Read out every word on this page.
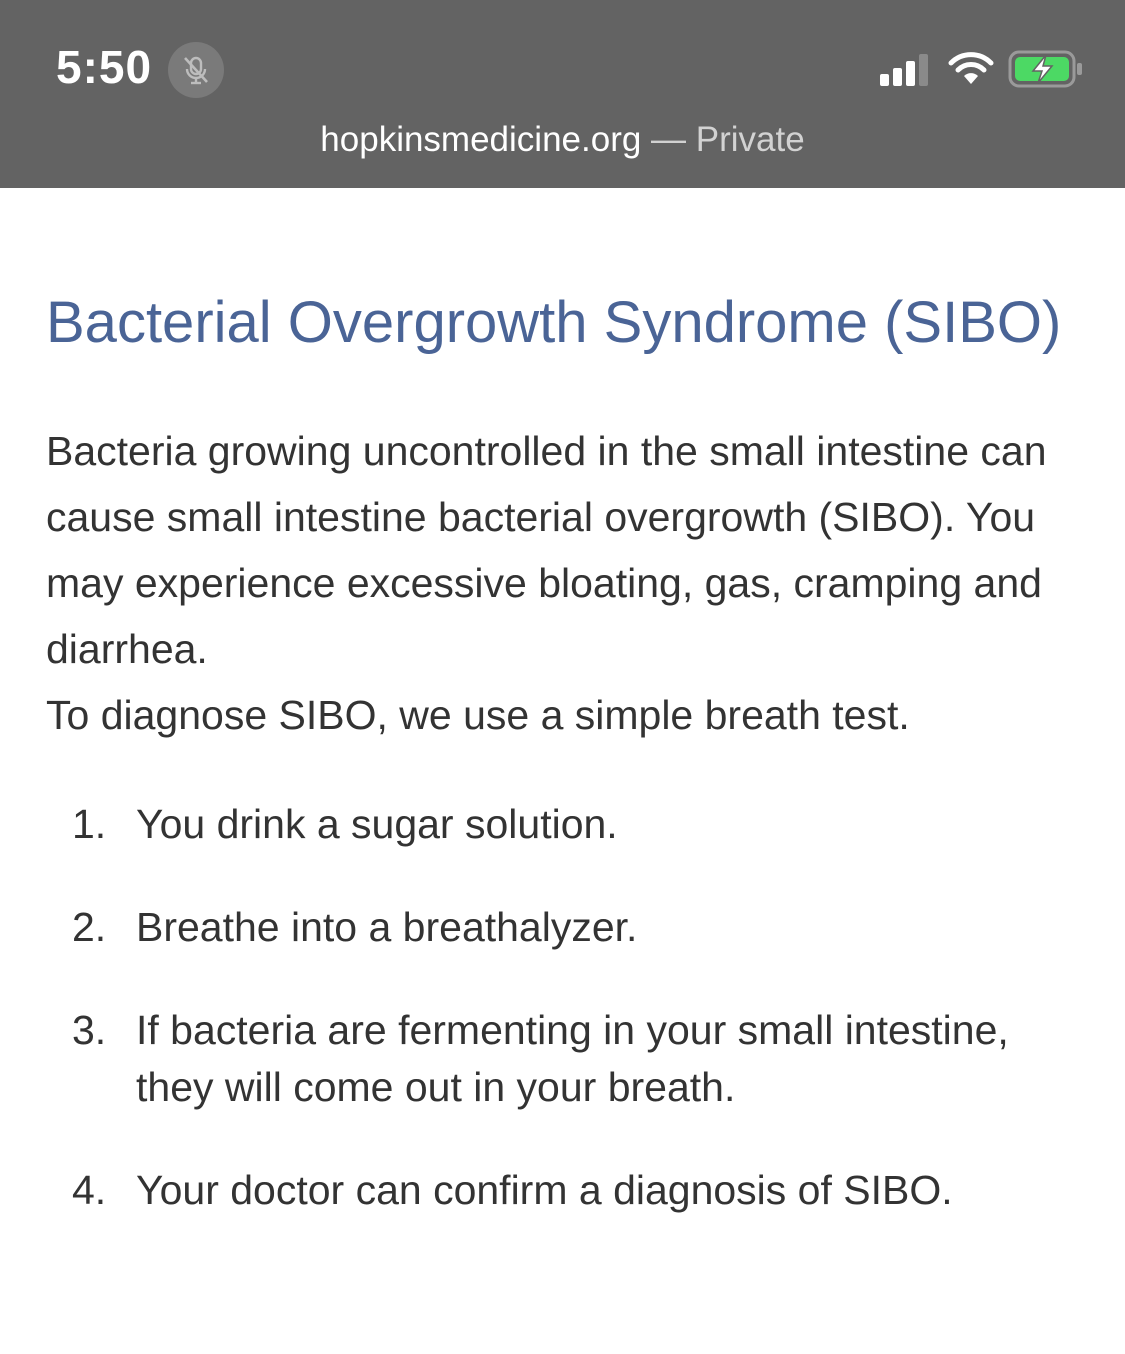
5:50
hopkinsmedicine.org — Private
Bacterial Overgrowth Syndrome (SIBO)

Bacteria growing uncontrolled in the small intestine can cause small intestine bacterial overgrowth (SIBO). You may experience excessive bloating, gas, cramping and diarrhea.
To diagnose SIBO, we use a simple breath test.

1. You drink a sugar solution.
2. Breathe into a breathalyzer.
3. If bacteria are fermenting in your small intestine, they will come out in your breath.
4. Your doctor can confirm a diagnosis of SIBO.
